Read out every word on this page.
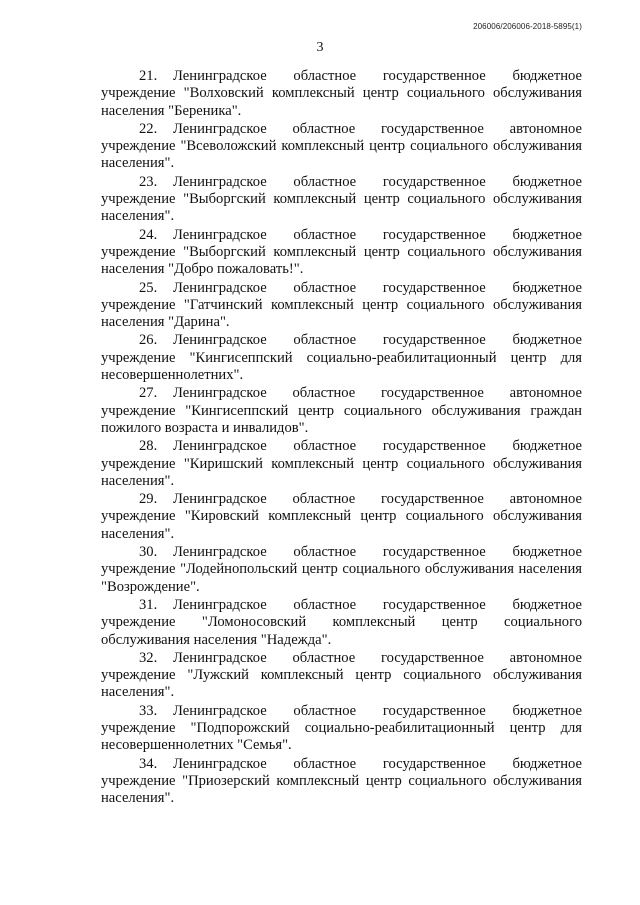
206006/206006-2018-5895(1)
3

21. Ленинградское областное государственное бюджетное учреждение "Волховский комплексный центр социального обслуживания населения "Береника".

22. Ленинградское областное государственное автономное учреждение "Всеволожский комплексный центр социального обслуживания населения".

23. Ленинградское областное государственное бюджетное учреждение "Выборгский комплексный центр социального обслуживания населения".

24. Ленинградское областное государственное бюджетное учреждение "Выборгский комплексный центр социального обслуживания населения "Добро пожаловать!".

25. Ленинградское областное государственное бюджетное учреждение "Гатчинский комплексный центр социального обслуживания населения "Дарина".

26. Ленинградское областное государственное бюджетное учреждение "Кингисеппский социально-реабилитационный центр для несовершеннолетних".

27. Ленинградское областное государственное автономное учреждение "Кингисеппский центр социального обслуживания граждан пожилого возраста и инвалидов".

28. Ленинградское областное государственное бюджетное учреждение "Киришский комплексный центр социального обслуживания населения".

29. Ленинградское областное государственное автономное учреждение "Кировский комплексный центр социального обслуживания населения".

30. Ленинградское областное государственное бюджетное учреждение "Лодейнопольский центр социального обслуживания населения "Возрождение".

31. Ленинградское областное государственное бюджетное учреждение "Ломоносовский комплексный центр социального обслуживания населения "Надежда".

32. Ленинградское областное государственное автономное учреждение "Лужский комплексный центр социального обслуживания населения".

33. Ленинградское областное государственное бюджетное учреждение "Подпорожский социально-реабилитационный центр для несовершеннолетних "Семья".

34. Ленинградское областное государственное бюджетное учреждение "Приозерский комплексный центр социального обслуживания населения".
